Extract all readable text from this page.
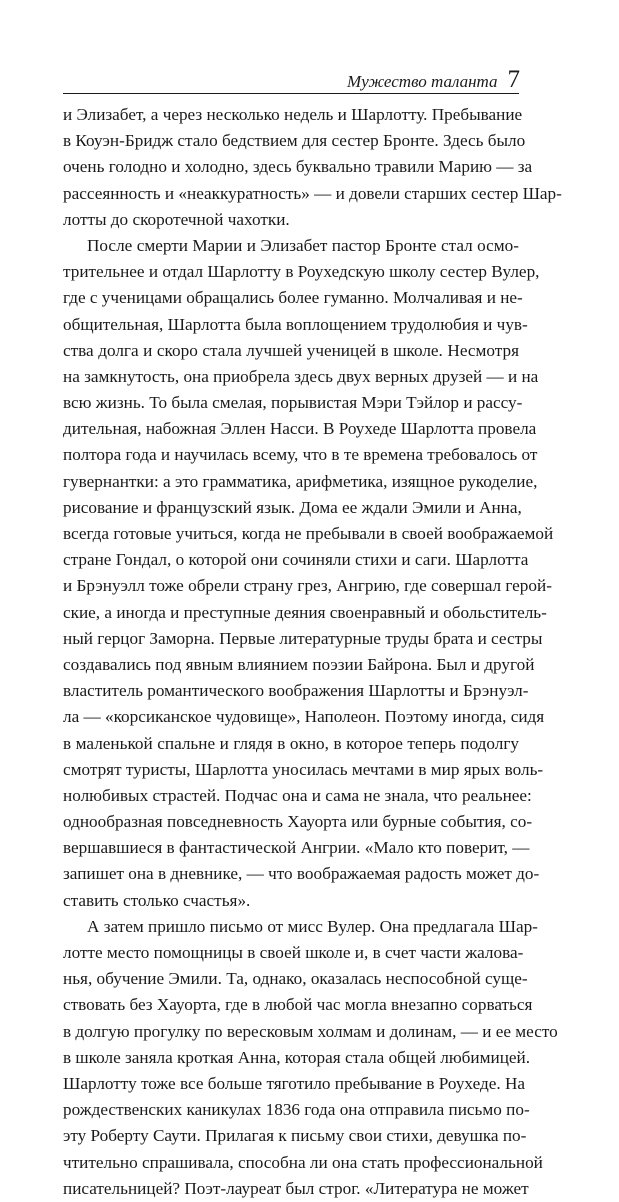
Мужество таланта 7
и Элизабет, а через несколько недель и Шарлотту. Пребывание
в Коуэн-Бридж стало бедствием для сестер Бронте. Здесь было
очень голодно и холодно, здесь буквально травили Марию — за
рассеянность и «неаккуратность» — и довели старших сестер Шар-
лотты до скоротечной чахотки.
После смерти Марии и Элизабет пастор Бронте стал осмо-
трительнее и отдал Шарлотту в Роухедскую школу сестер Вулер,
где с ученицами обращались более гуманно. Молчаливая и не-
общительная, Шарлотта была воплощением трудолюбия и чув-
ства долга и скоро стала лучшей ученицей в школе. Несмотря
на замкнутость, она приобрела здесь двух верных друзей — и на
всю жизнь. То была смелая, порывистая Мэри Тэйлор и рассу-
дительная, набожная Эллен Насси. В Роухеде Шарлотта провела
полтора года и научилась всему, что в те времена требовалось от
гувернантки: а это грамматика, арифметика, изящное рукоделие,
рисование и французский язык. Дома ее ждали Эмили и Анна,
всегда готовые учиться, когда не пребывали в своей воображаемой
стране Гондал, о которой они сочиняли стихи и саги. Шарлотта
и Брэнуэлл тоже обрели страну грез, Ангрию, где совершал герой-
ские, а иногда и преступные деяния своенравный и обольститель-
ный герцог Заморна. Первые литературные труды брата и сестры
создавались под явным влиянием поэзии Байрона. Был и другой
властитель романтического воображения Шарлотты и Брэнуэл-
ла — «корсиканское чудовище», Наполеон. Поэтому иногда, сидя
в маленькой спальне и глядя в окно, в которое теперь подолгу
смотрят туристы, Шарлотта уносилась мечтами в мир ярых воль-
нолюбивых страстей. Подчас она и сама не знала, что реальнее:
однообразная повседневность Хауорта или бурные события, со-
вершавшиеся в фантастической Ангрии. «Мало кто поверит, —
запишет она в дневнике, — что воображаемая радость может до-
ставить столько счастья».
А затем пришло письмо от мисс Вулер. Она предлагала Шар-
лотте место помощницы в своей школе и, в счет части жалова-
нья, обучение Эмили. Та, однако, оказалась неспособной суще-
ствовать без Хауорта, где в любой час могла внезапно сорваться
в долгую прогулку по вересковым холмам и долинам, — и ее место
в школе заняла кроткая Анна, которая стала общей любимицей.
Шарлотту тоже все больше тяготило пребывание в Роухеде. На
рождественских каникулах 1836 года она отправила письмо по-
эту Роберту Саути. Прилагая к письму свои стихи, девушка по-
чтительно спрашивала, способна ли она стать профессиональной
писательницей? Поэт-лауреат был строг. «Литература не может
